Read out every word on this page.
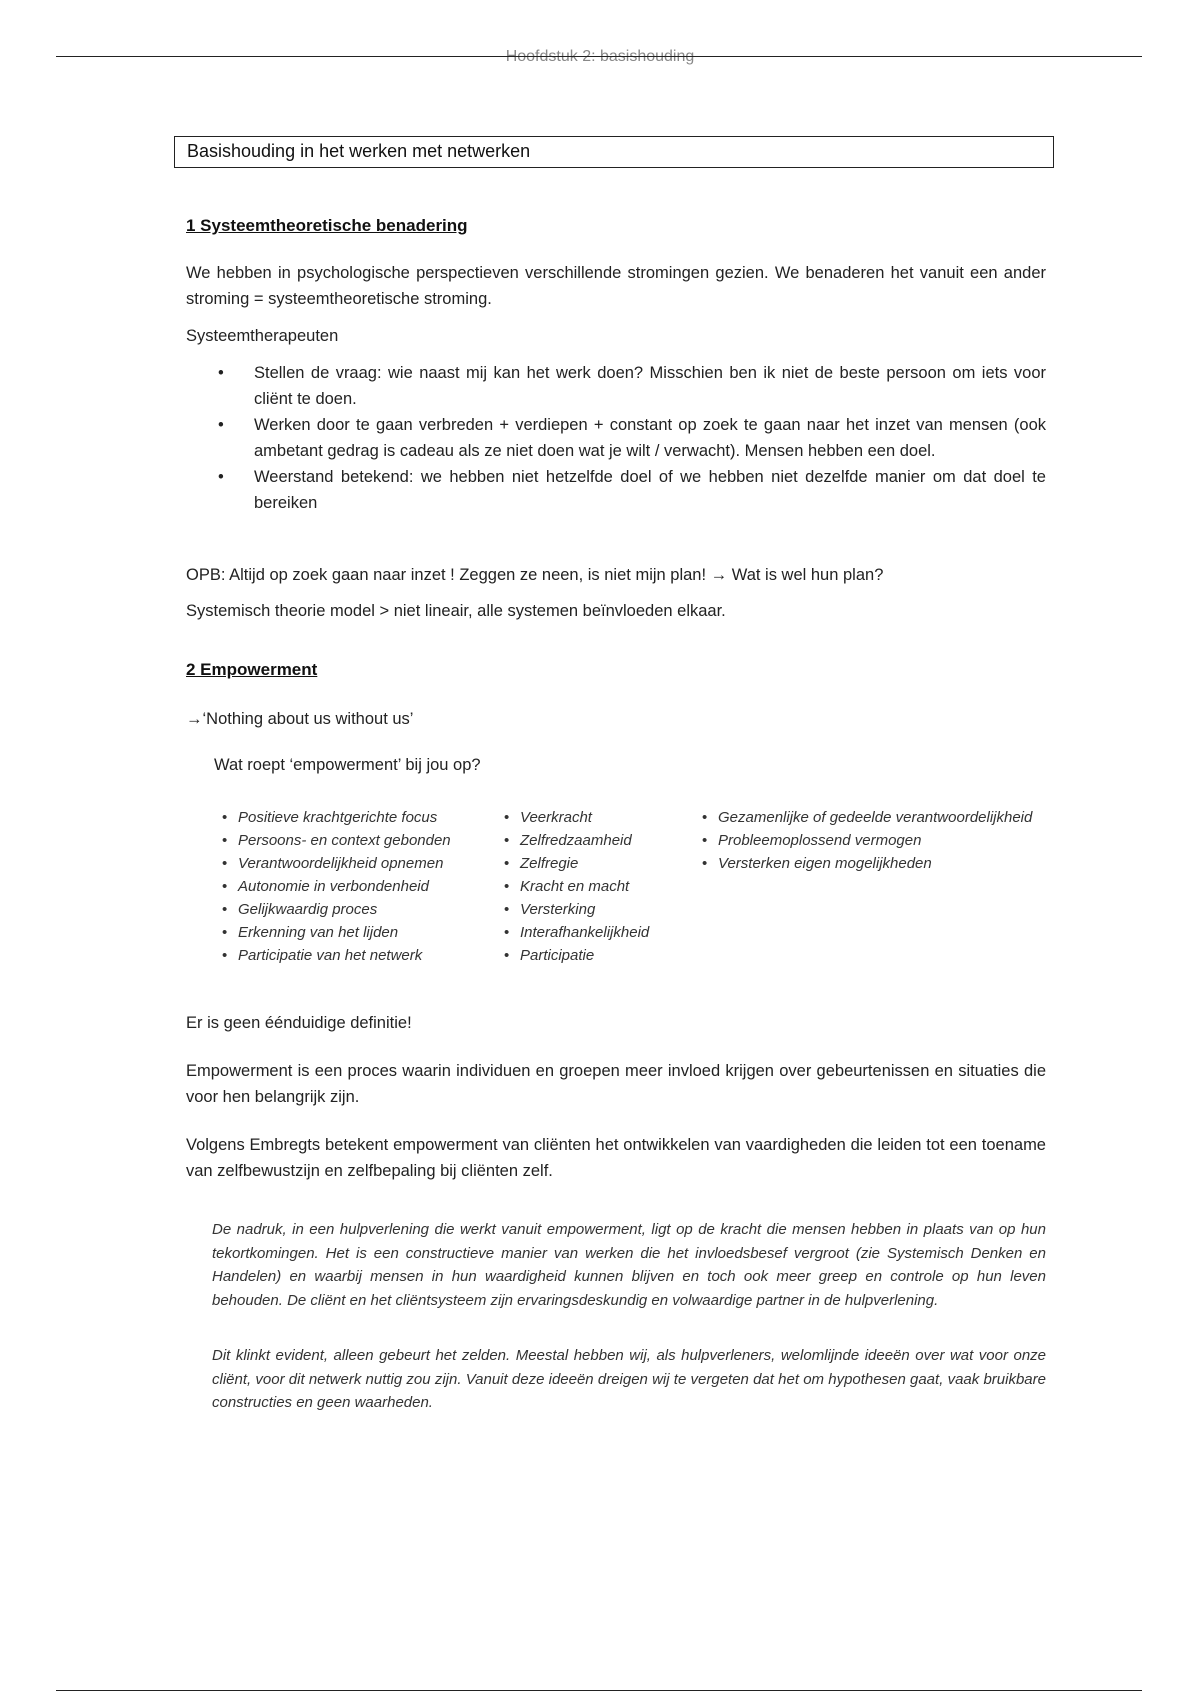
Hoofdstuk 2: basishouding
Basishouding in het werken met netwerken
1 Systeemtheoretische benadering
We hebben in psychologische perspectieven verschillende stromingen gezien. We benaderen het vanuit een ander stroming = systeemtheoretische stroming.
Systeemtherapeuten
• Stellen de vraag: wie naast mij kan het werk doen? Misschien ben ik niet de beste persoon om iets voor cliënt te doen.
• Werken door te gaan verbreden + verdiepen + constant op zoek te gaan naar het inzet van mensen (ook ambetant gedrag is cadeau als ze niet doen wat je wilt / verwacht). Mensen hebben een doel.
• Weerstand betekend: we hebben niet hetzelfde doel of we hebben niet dezelfde manier om dat doel te bereiken
OPB: Altijd op zoek gaan naar inzet ! Zeggen ze neen, is niet mijn plan! → Wat is wel hun plan?
Systemisch theorie model > niet lineair, alle systemen beïnvloeden elkaar.
2 Empowerment
→‘Nothing about us without us’
Wat roept ‘empowerment’ bij jou op?
• Positieve krachtgerichte focus
• Persoons- en context gebonden
• Verantwoordelijkheid opnemen
• Autonomie in verbondenheid
• Gelijkwaardig proces
• Erkenning van het lijden
• Participatie van het netwerk
• Veerkracht
• Zelfredzaamheid
• Zelfregie
• Kracht en macht
• Versterking
• Interafhankelijkheid
• Participatie
• Gezamenlijke of gedeelde verantwoordelijkheid
• Probleemoplossend vermogen
• Versterken eigen mogelijkheden
Er is geen éénduidige definitie!
Empowerment is een proces waarin individuen en groepen meer invloed krijgen over gebeurtenissen en situaties die voor hen belangrijk zijn.
Volgens Embregts betekent empowerment van cliënten het ontwikkelen van vaardigheden die leiden tot een toename van zelfbewustzijn en zelfbepaling bij cliënten zelf.
De nadruk, in een hulpverlening die werkt vanuit empowerment, ligt op de kracht die mensen hebben in plaats van op hun tekortkomingen. Het is een constructieve manier van werken die het invloedsbesef vergroot (zie Systemisch Denken en Handelen) en waarbij mensen in hun waardigheid kunnen blijven en toch ook meer greep en controle op hun leven behouden. De cliënt en het cliëntsysteem zijn ervaringsdeskundig en volwaardige partner in de hulpverlening.
Dit klinkt evident, alleen gebeurt het zelden. Meestal hebben wij, als hulpverleners, welomlijnde ideeën over wat voor onze cliënt, voor dit netwerk nuttig zou zijn. Vanuit deze ideeën dreigen wij te vergeten dat het om hypothesen gaat, vaak bruikbare constructies en geen waarheden.
